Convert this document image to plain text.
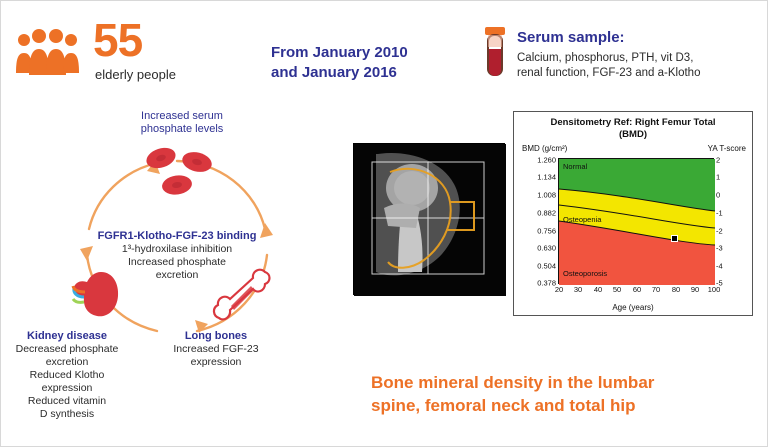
55
elderly people
From January 2010
and January 2016
Serum sample:
Calcium, phosphorus, PTH, vit D3,
renal function, FGF-23 and a-Klotho
Increased serum
phosphate levels
FGFR1-Klotho-FGF-23 binding
1³-hydroxilase inhibition
Increased phosphate
excretion
Kidney disease
Decreased phosphate
excretion
Reduced Klotho
expression
Reduced vitamin
D synthesis
Long bones
Increased FGF-23
expression
Densitometry Ref: Right Femur Total
(BMD)
BMD (g/cm²)	YA T-score
Age (years)
Normal
Osteopenia
Osteoporosis
1.260
1.134
1.008
0.882
0.756
0.630
0.504
0.378
2
1
0
-1
-2
-3
-4
-5
20 30 40 50 60 70 80 90 100
Bone mineral density in the lumbar
spine, femoral neck and total hip
